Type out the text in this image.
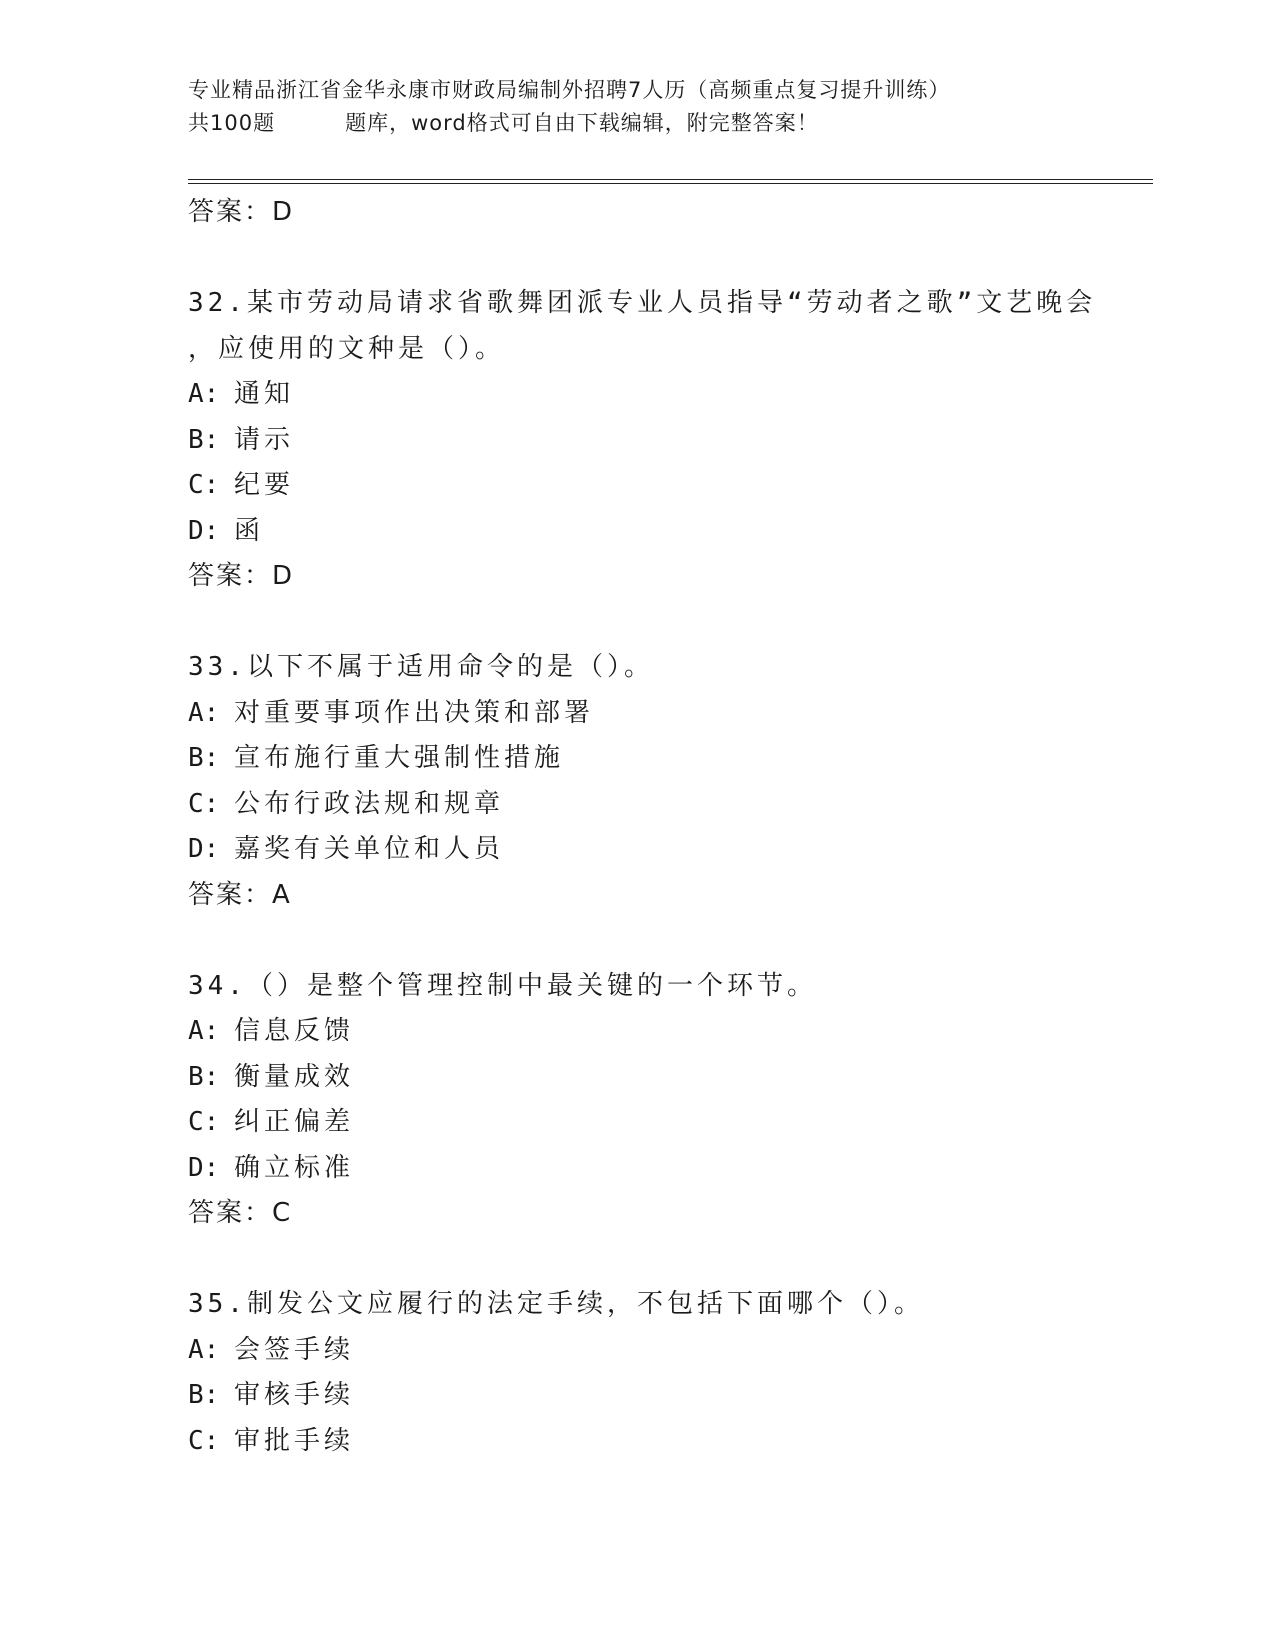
专业精品浙江省金华永康市财政局编制外招聘7人历（高频重点复习提升训练）
共100题	题库，word格式可自由下载编辑，附完整答案！
答案：D
32.某市劳动局请求省歌舞团派专业人员指导“劳动者之歌”文艺晚会
，应使用的文种是（）。
A: 通知
B: 请示
C: 纪要
D: 函
答案：D
33.以下不属于适用命令的是（）。
A: 对重要事项作出决策和部署
B: 宣布施行重大强制性措施
C: 公布行政法规和规章
D: 嘉奖有关单位和人员
答案：A
34.（）是整个管理控制中最关键的一个环节。
A: 信息反馈
B: 衡量成效
C: 纠正偏差
D: 确立标准
答案：C
35.制发公文应履行的法定手续，不包括下面哪个（）。
A: 会签手续
B: 审核手续
C: 审批手续
